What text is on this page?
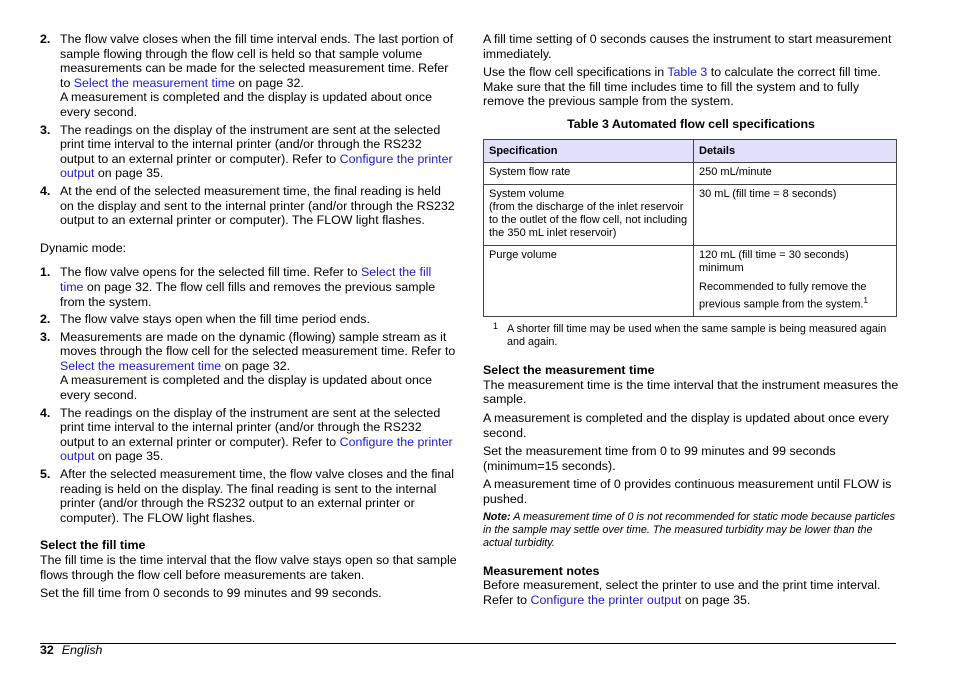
2. The flow valve closes when the fill time interval ends. The last portion of sample flowing through the flow cell is held so that sample volume measurements can be made for the selected measurement time. Refer to Select the measurement time on page 32.
A measurement is completed and the display is updated about once every second.
3. The readings on the display of the instrument are sent at the selected print time interval to the internal printer (and/or through the RS232 output to an external printer or computer). Refer to Configure the printer output on page 35.
4. At the end of the selected measurement time, the final reading is held on the display and sent to the internal printer (and/or through the RS232 output to an external printer or computer). The FLOW light flashes.

Dynamic mode:

1. The flow valve opens for the selected fill time. Refer to Select the fill time on page 32. The flow cell fills and removes the previous sample from the system.
2. The flow valve stays open when the fill time period ends.
3. Measurements are made on the dynamic (flowing) sample stream as it moves through the flow cell for the selected measurement time. Refer to Select the measurement time on page 32.
A measurement is completed and the display is updated about once every second.
4. The readings on the display of the instrument are sent at the selected print time interval to the internal printer (and/or through the RS232 output to an external printer or computer). Refer to Configure the printer output on page 35.
5. After the selected measurement time, the flow valve closes and the final reading is held on the display. The final reading is sent to the internal printer (and/or through the RS232 output to an external printer or computer). The FLOW light flashes.
Select the fill time

The fill time is the time interval that the flow valve stays open so that sample flows through the flow cell before measurements are taken.

Set the fill time from 0 seconds to 99 minutes and 99 seconds.

A fill time setting of 0 seconds causes the instrument to start measurement immediately.

Use the flow cell specifications in Table 3 to calculate the correct fill time. Make sure that the fill time includes time to fill the system and to fully remove the previous sample from the system.

Table 3 Automated flow cell specifications
Specification	Details

System flow rate	250 mL/minute

System volume
(from the discharge of the inlet reservoir to the outlet of the flow cell, not including the 350 mL inlet reservoir)	30 mL (fill time = 8 seconds)

Purge volume	120 mL (fill time = 30 seconds) minimum
Recommended to fully remove the previous sample from the system.$^1$
1 A shorter fill time may be used when the same sample is being measured again and again.
Select the measurement time

The measurement time is the time interval that the instrument measures the sample.

A measurement is completed and the display is updated about once every second.

Set the measurement time from 0 to 99 minutes and 99 seconds (minimum=15 seconds).

A measurement time of 0 provides continuous measurement until FLOW is pushed.

Note: A measurement time of 0 is not recommended for static mode because particles in the sample may settle over time. The measured turbidity may be lower than the actual turbidity.
Measurement notes

Before measurement, select the printer to use and the print time interval. Refer to Configure the printer output on page 35.

32 English
